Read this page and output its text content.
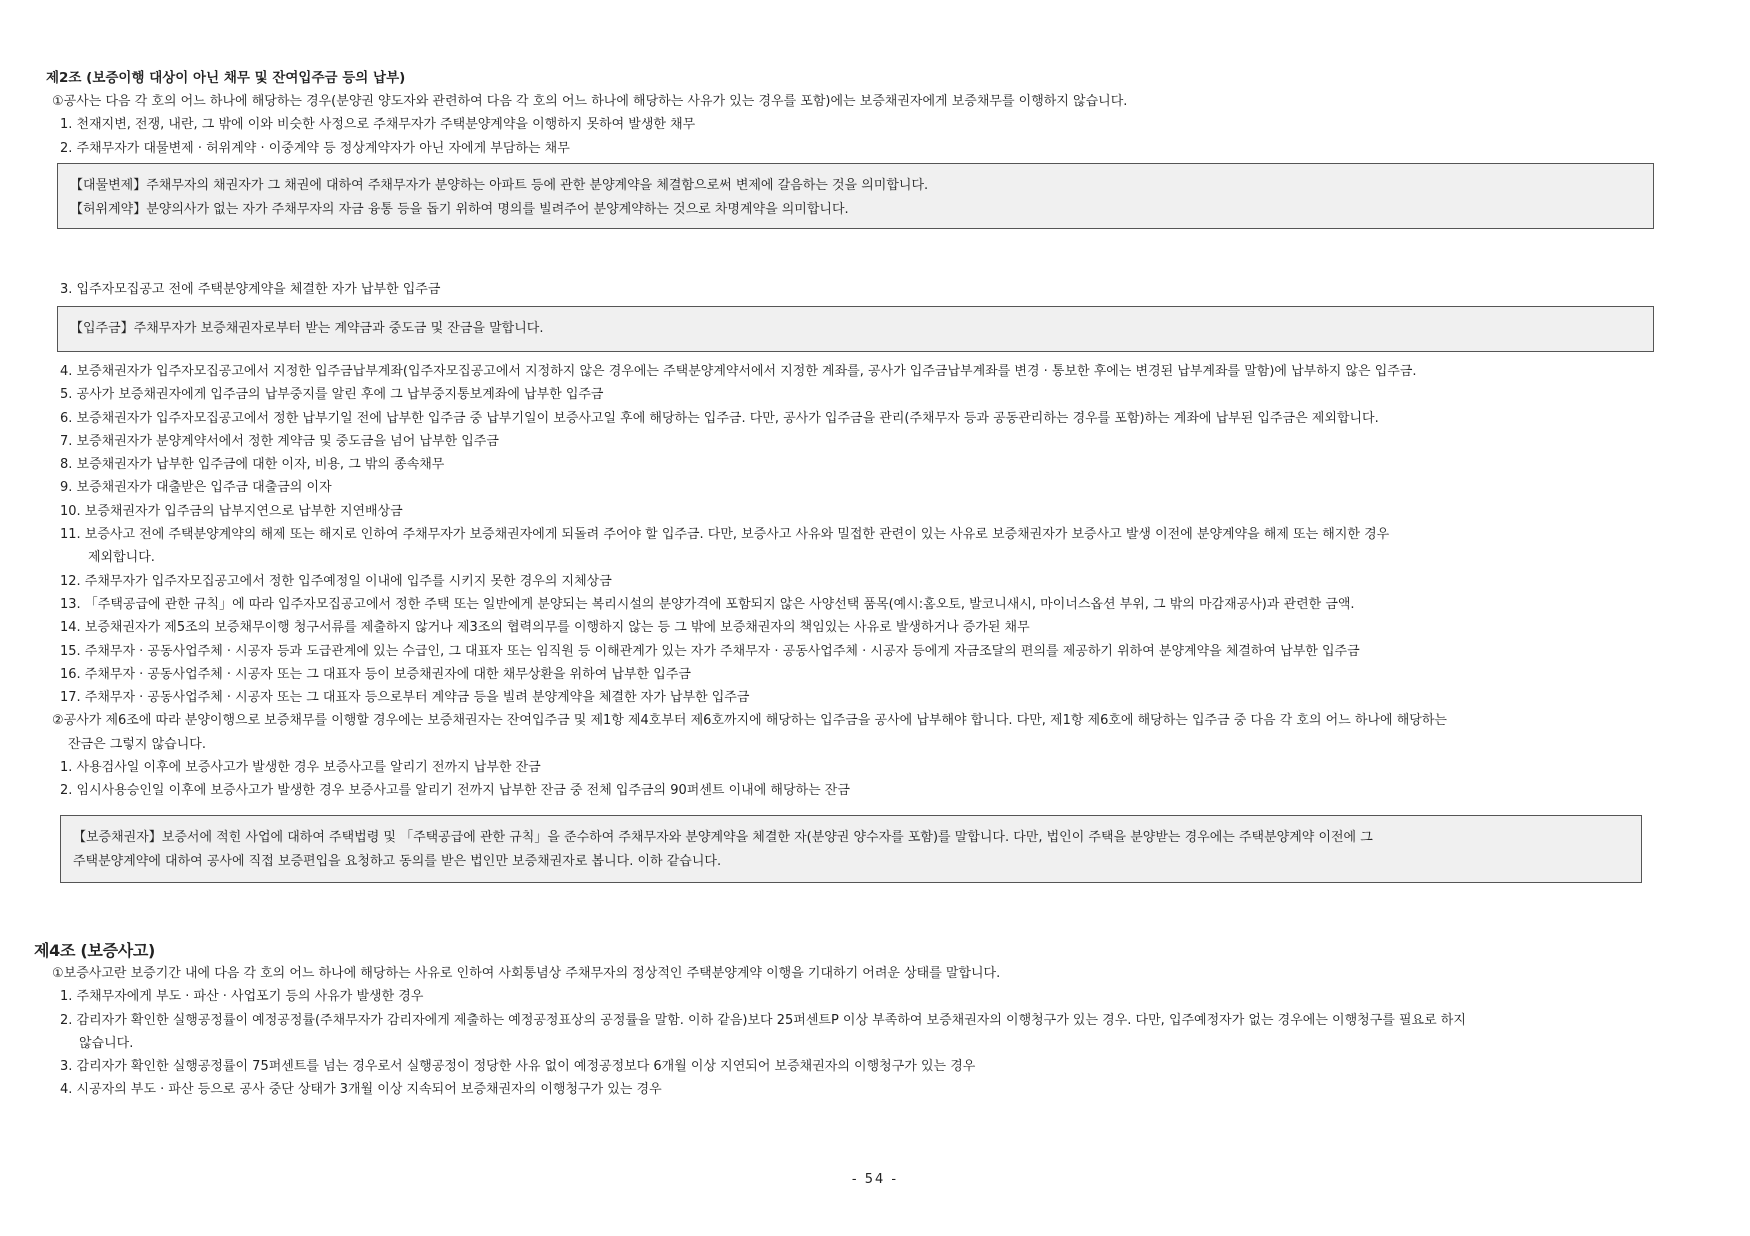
제2조 (보증이행 대상이 아닌 채무 및 잔여입주금 등의 납부)
①공사는 다음 각 호의 어느 하나에 해당하는 경우(분양권 양도자와 관련하여 다음 각 호의 어느 하나에 해당하는 사유가 있는 경우를 포함)에는 보증채권자에게 보증채무를 이행하지 않습니다.
1. 천재지변, 전쟁, 내란, 그 밖에 이와 비슷한 사정으로 주채무자가 주택분양계약을 이행하지 못하여 발생한 채무
2. 주채무자가 대물변제 · 허위계약 · 이중계약 등 정상계약자가 아닌 자에게 부담하는 채무
【대물변제】주채무자의 채권자가 그 채권에 대하여 주채무자가 분양하는 아파트 등에 관한 분양계약을 체결함으로써 변제에 갈음하는 것을 의미합니다.
【허위계약】분양의사가 없는 자가 주채무자의 자금 융통 등을 돕기 위하여 명의를 빌려주어 분양계약하는 것으로 차명계약을 의미합니다.
3. 입주자모집공고 전에 주택분양계약을 체결한 자가 납부한 입주금
【입주금】주채무자가 보증채권자로부터 받는 계약금과 중도금 및 잔금을 말합니다.
4. 보증채권자가 입주자모집공고에서 지정한 입주금납부계좌(입주자모집공고에서 지정하지 않은 경우에는 주택분양계약서에서 지정한 계좌를, 공사가 입주금납부계좌를 변경 · 통보한 후에는 변경된 납부계좌를 말함)에 납부하지 않은 입주금.
5. 공사가 보증채권자에게 입주금의 납부중지를 알린 후에 그 납부중지통보계좌에 납부한 입주금
6. 보증채권자가 입주자모집공고에서 정한 납부기일 전에 납부한 입주금 중 납부기일이 보증사고일 후에 해당하는 입주금. 다만, 공사가 입주금을 관리(주채무자 등과 공동관리하는 경우를 포함)하는 계좌에 납부된 입주금은 제외합니다.
7. 보증채권자가 분양계약서에서 정한 계약금 및 중도금을 넘어 납부한 입주금
8. 보증채권자가 납부한 입주금에 대한 이자, 비용, 그 밖의 종속채무
9. 보증채권자가 대출받은 입주금 대출금의 이자
10. 보증채권자가 입주금의 납부지연으로 납부한 지연배상금
11. 보증사고 전에 주택분양계약의 해제 또는 해지로 인하여 주채무자가 보증채권자에게 되돌려 주어야 할 입주금. 다만, 보증사고 사유와 밀접한 관련이 있는 사유로 보증채권자가 보증사고 발생 이전에 분양계약을 해제 또는 해지한 경우
제외합니다.
12. 주채무자가 입주자모집공고에서 정한 입주예정일 이내에 입주를 시키지 못한 경우의 지체상금
13. 「주택공급에 관한 규칙」에 따라 입주자모집공고에서 정한 주택 또는 일반에게 분양되는 복리시설의 분양가격에 포함되지 않은 사양선택 품목(예시:홈오토, 발코니새시, 마이너스옵션 부위, 그 밖의 마감재공사)과 관련한 금액.
14. 보증채권자가 제5조의 보증채무이행 청구서류를 제출하지 않거나 제3조의 협력의무를 이행하지 않는 등 그 밖에 보증채권자의 책임있는 사유로 발생하거나 증가된 채무
15. 주채무자 · 공동사업주체 · 시공자 등과 도급관계에 있는 수급인, 그 대표자 또는 임직원 등 이해관계가 있는 자가 주채무자 · 공동사업주체 · 시공자 등에게 자금조달의 편의를 제공하기 위하여 분양계약을 체결하여 납부한 입주금
16. 주채무자 · 공동사업주체 · 시공자 또는 그 대표자 등이 보증채권자에 대한 채무상환을 위하여 납부한 입주금
17. 주채무자 · 공동사업주체 · 시공자 또는 그 대표자 등으로부터 계약금 등을 빌려 분양계약을 체결한 자가 납부한 입주금
②공사가 제6조에 따라 분양이행으로 보증채무를 이행할 경우에는 보증채권자는 잔여입주금 및 제1항 제4호부터 제6호까지에 해당하는 입주금을 공사에 납부해야 합니다. 다만, 제1항 제6호에 해당하는 입주금 중 다음 각 호의 어느 하나에 해당하는
잔금은 그렇지 않습니다.
1. 사용검사일 이후에 보증사고가 발생한 경우 보증사고를 알리기 전까지 납부한 잔금
2. 임시사용승인일 이후에 보증사고가 발생한 경우 보증사고를 알리기 전까지 납부한 잔금 중 전체 입주금의 90퍼센트 이내에 해당하는 잔금
【보증채권자】보증서에 적힌 사업에 대하여 주택법령 및 「주택공급에 관한 규칙」을 준수하여 주채무자와 분양계약을 체결한 자(분양권 양수자를 포함)를 말합니다. 다만, 법인이 주택을 분양받는 경우에는 주택분양계약 이전에 그
주택분양계약에 대하여 공사에 직접 보증편입을 요청하고 동의를 받은 법인만 보증채권자로 봅니다. 이하 같습니다.
제4조 (보증사고)
①보증사고란 보증기간 내에 다음 각 호의 어느 하나에 해당하는 사유로 인하여 사회통념상 주채무자의 정상적인 주택분양계약 이행을 기대하기 어려운 상태를 말합니다.
1. 주채무자에게 부도 · 파산 · 사업포기 등의 사유가 발생한 경우
2. 감리자가 확인한 실행공정률이 예정공정률(주채무자가 감리자에게 제출하는 예정공정표상의 공정률을 말함. 이하 같음)보다 25퍼센트P 이상 부족하여 보증채권자의 이행청구가 있는 경우. 다만, 입주예정자가 없는 경우에는 이행청구를 필요로 하지
않습니다.
3. 감리자가 확인한 실행공정률이 75퍼센트를 넘는 경우로서 실행공정이 정당한 사유 없이 예정공정보다 6개월 이상 지연되어 보증채권자의 이행청구가 있는 경우
4. 시공자의 부도 · 파산 등으로 공사 중단 상태가 3개월 이상 지속되어 보증채권자의 이행청구가 있는 경우
- 54 -
